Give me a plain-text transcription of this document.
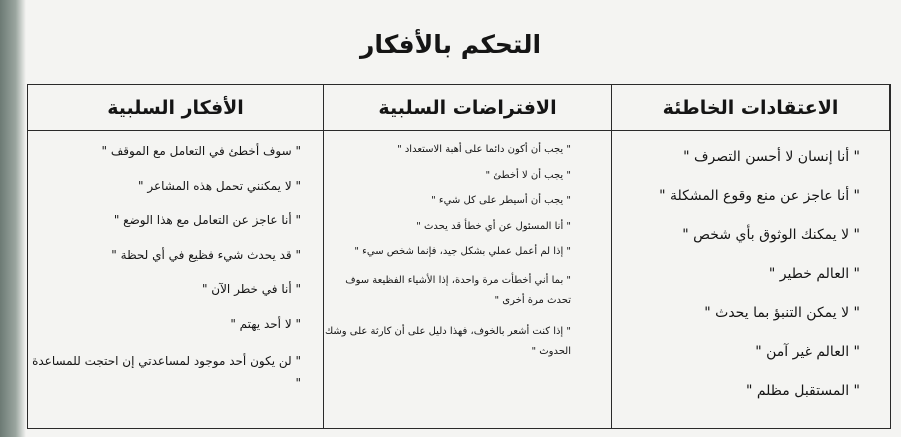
التحكم بالأفكار
الأفكار السلبية	الافتراضات السلبية	الاعتقادات الخاطئة
" سوف أخطئ في التعامل مع الموقف "
" لا يمكنني تحمل هذه المشاعر "
" أنا عاجز عن التعامل مع هذا الوضع "
" قد يحدث شيء فظيع في أي لحظة "
" أنا في خطر الآن "
" لا أحد يهتم "
" لن يكون أحد موجود لمساعدتي إن احتجت للمساعدة "
" يجب أن أكون دائما على أهبة الاستعداد "
" يجب أن لا أخطئ "
" يجب أن أسيطر على كل شيء "
" أنا المسئول عن أي خطأ قد يحدث "
" إذا لم أعمل عملي بشكل جيد، فإنما شخص سيء "
" بما أني أخطأت مرة واحدة، إذا الأشياء الفظيعة سوف تحدث مرة أخرى "
" إذا كنت أشعر بالخوف، فهذا دليل على أن كارثة على وشك الحدوث "
" أنا إنسان لا أحسن التصرف "
" أنا عاجز عن منع وقوع المشكلة "
" لا يمكنك الوثوق بأي شخص "
" العالم خطير "
" لا يمكن التنبؤ بما يحدث "
" العالم غير آمن "
" المستقبل مظلم "
